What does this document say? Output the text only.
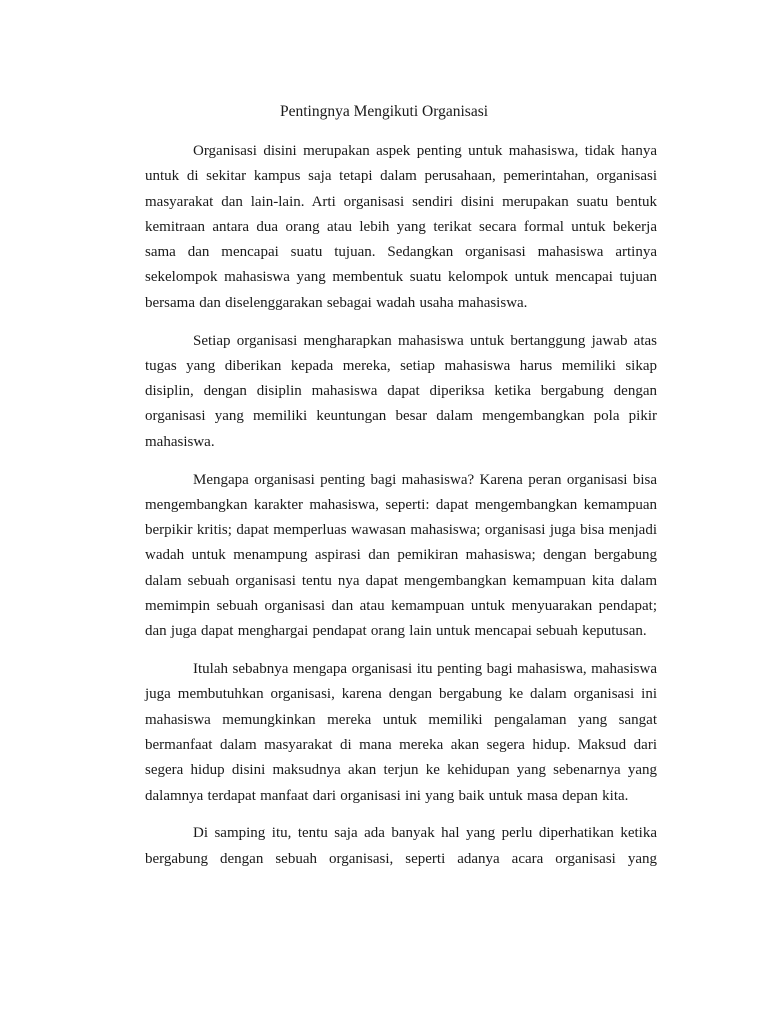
Pentingnya Mengikuti Organisasi

Organisasi disini merupakan aspek penting untuk mahasiswa, tidak hanya untuk di sekitar kampus saja tetapi dalam perusahaan, pemerintahan, organisasi masyarakat dan lain-lain. Arti organisasi sendiri disini merupakan suatu bentuk kemitraan antara dua orang atau lebih yang terikat secara formal untuk bekerja sama dan mencapai suatu tujuan. Sedangkan organisasi mahasiswa artinya sekelompok mahasiswa yang membentuk suatu kelompok untuk mencapai tujuan bersama dan diselenggarakan sebagai wadah usaha mahasiswa.

Setiap organisasi mengharapkan mahasiswa untuk bertanggung jawab atas tugas yang diberikan kepada mereka, setiap mahasiswa harus memiliki sikap disiplin, dengan disiplin mahasiswa dapat diperiksa ketika bergabung dengan organisasi yang memiliki keuntungan besar dalam mengembangkan pola pikir mahasiswa.

Mengapa organisasi penting bagi mahasiswa? Karena peran organisasi bisa mengembangkan karakter mahasiswa, seperti: dapat mengembangkan kemampuan berpikir kritis; dapat memperluas wawasan mahasiswa; organisasi juga bisa menjadi wadah untuk menampung aspirasi dan pemikiran mahasiswa; dengan bergabung dalam sebuah organisasi tentu nya dapat mengembangkan kemampuan kita dalam memimpin sebuah organisasi dan atau kemampuan untuk menyuarakan pendapat; dan juga dapat menghargai pendapat orang lain untuk mencapai sebuah keputusan.

Itulah sebabnya mengapa organisasi itu penting bagi mahasiswa, mahasiswa juga membutuhkan organisasi, karena dengan bergabung ke dalam organisasi ini mahasiswa memungkinkan mereka untuk memiliki pengalaman yang sangat bermanfaat dalam masyarakat di mana mereka akan segera hidup. Maksud dari segera hidup disini maksudnya akan terjun ke kehidupan yang sebenarnya yang dalamnya terdapat manfaat dari organisasi ini yang baik untuk masa depan kita.

Di samping itu, tentu saja ada banyak hal yang perlu diperhatikan ketika bergabung dengan sebuah organisasi, seperti adanya acara organisasi yang
